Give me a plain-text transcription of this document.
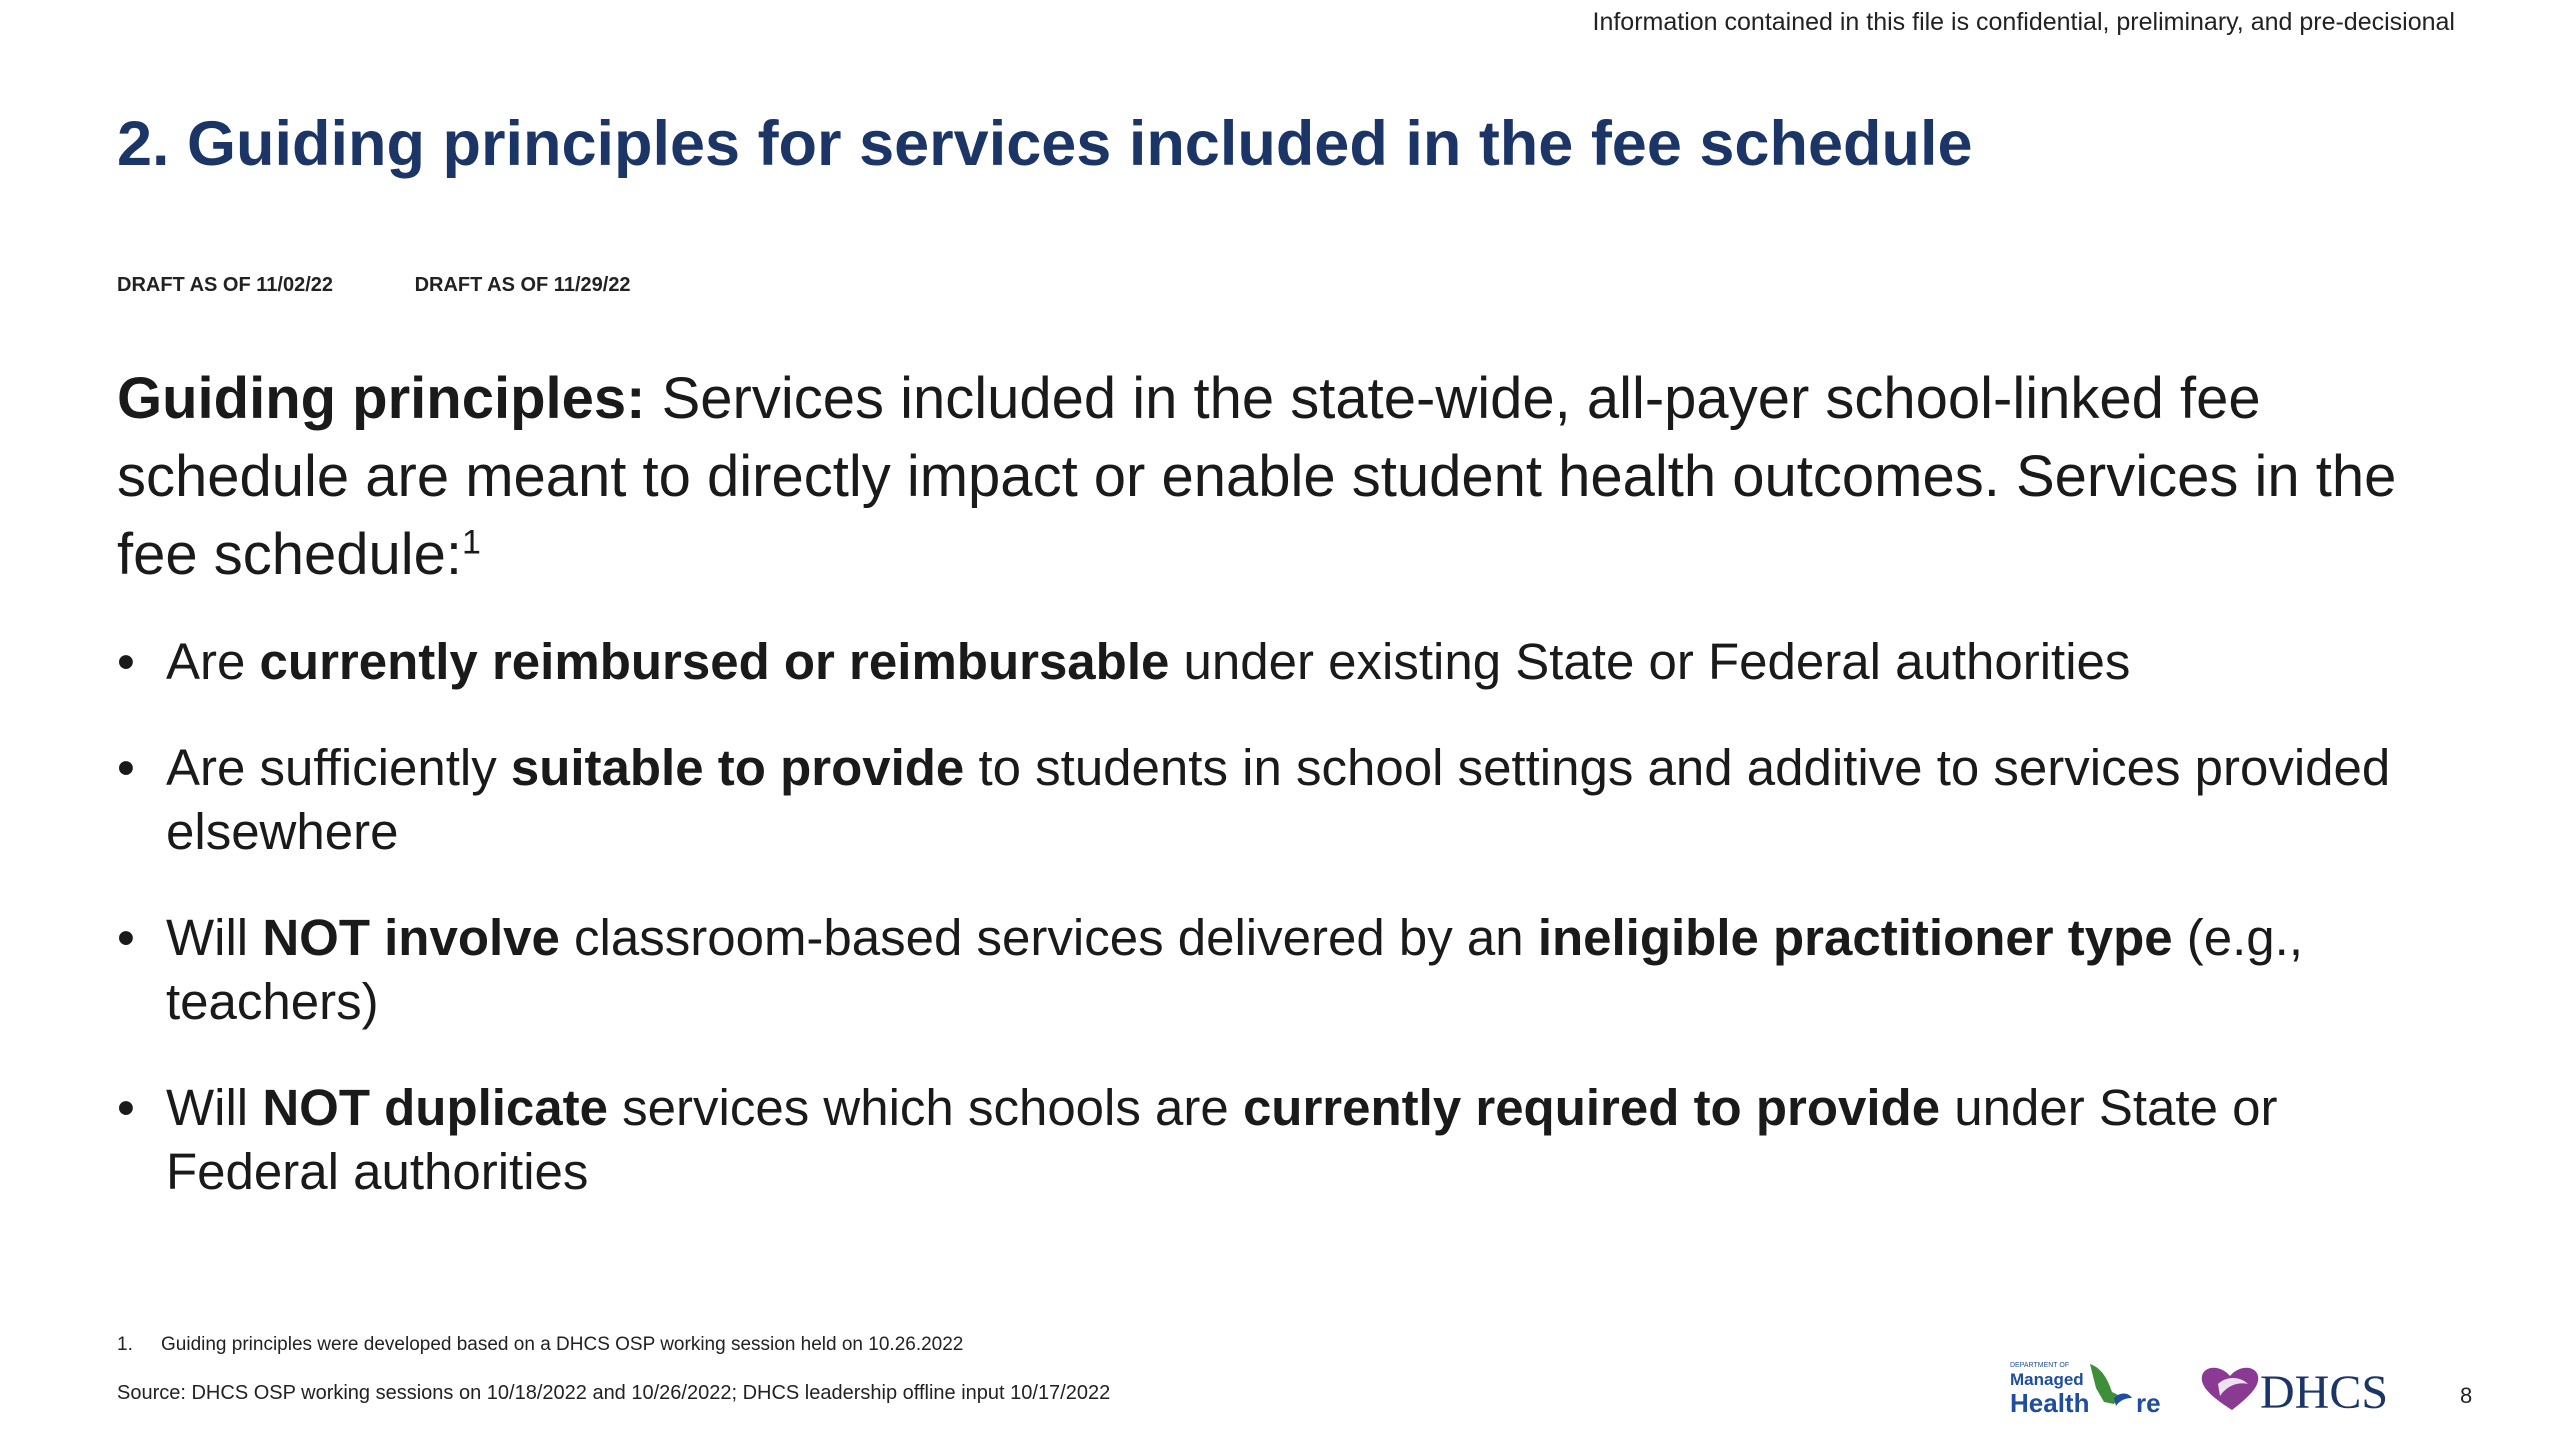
Information contained in this file is confidential, preliminary, and pre-decisional
2. Guiding principles for services included in the fee schedule
DRAFT AS OF 11/02/22	DRAFT AS OF 11/29/22

Guiding principles: Services included in the state-wide, all-payer school-linked fee schedule are meant to directly impact or enable student health outcomes. Services in the fee schedule:$^1$

• Are currently reimbursed or reimbursable under existing State or Federal authorities
• Are sufficiently suitable to provide to students in school settings and additive to services provided elsewhere
• Will NOT involve classroom-based services delivered by an ineligible practitioner type (e.g., teachers)
• Will NOT duplicate services which schools are currently required to provide under State or Federal authorities
1. Guiding principles were developed based on a DHCS OSP working session held on 10.26.2022
Source: DHCS OSP working sessions on 10/18/2022 and 10/26/2022; DHCS leadership offline input 10/17/2022
DEPARTMENT OF
Managed
Health re DHCS	8
